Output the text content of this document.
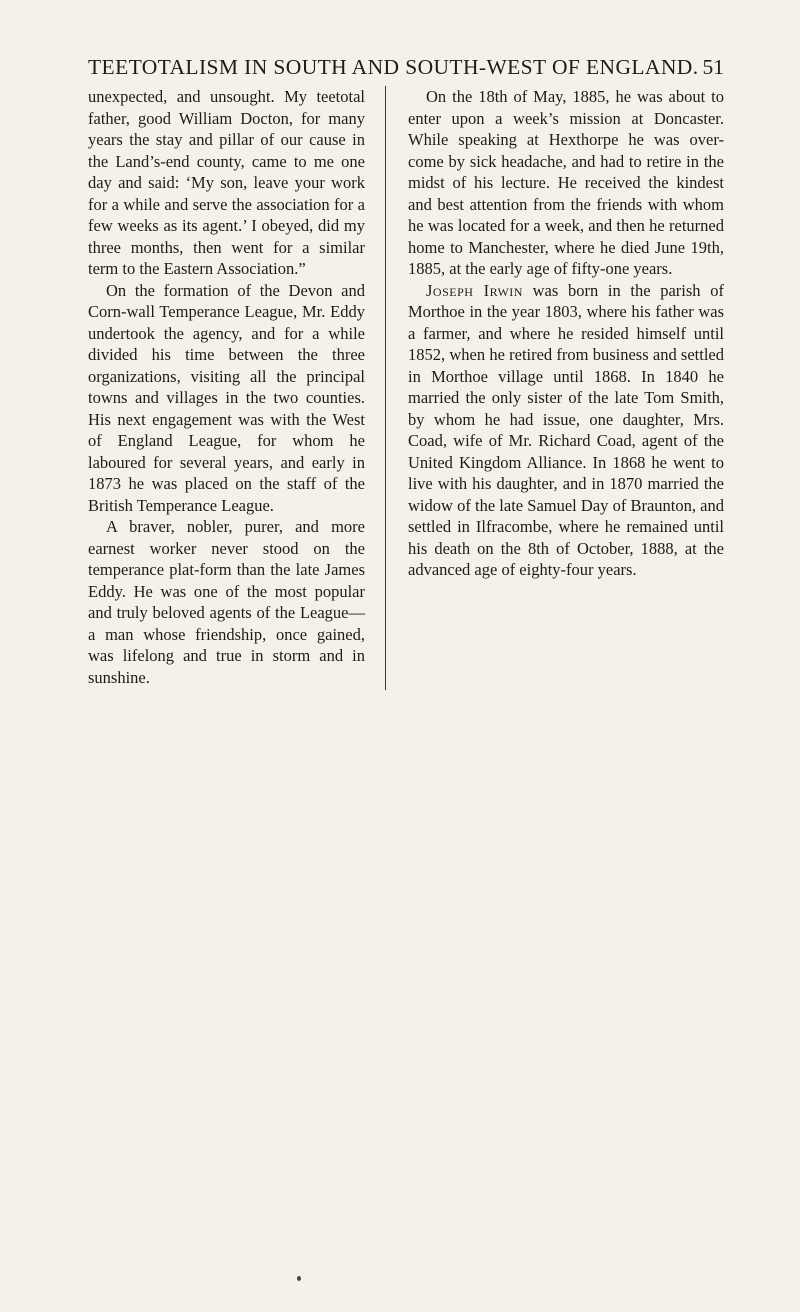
TEETOTALISM IN SOUTH AND SOUTH-WEST OF ENGLAND. 51

unexpected, and unsought. My teetotal father, good William Docton, for many years the stay and pillar of our cause in the Land’s-end county, came to me one day and said: ‘My son, leave your work for a while and serve the association for a few weeks as its agent.’ I obeyed, did my three months, then went for a similar term to the Eastern Association.”

On the formation of the Devon and Corn-wall Temperance League, Mr. Eddy undertook the agency, and for a while divided his time between the three organizations, visiting all the principal towns and villages in the two counties. His next engagement was with the West of England League, for whom he laboured for several years, and early in 1873 he was placed on the staff of the British Temperance League.

A braver, nobler, purer, and more earnest worker never stood on the temperance plat-form than the late James Eddy. He was one of the most popular and truly beloved agents of the League—a man whose friendship, once gained, was lifelong and true in storm and in sunshine.

On the 18th of May, 1885, he was about to enter upon a week’s mission at Doncaster. While speaking at Hexthorpe he was over-come by sick headache, and had to retire in the midst of his lecture. He received the kindest and best attention from the friends with whom he was located for a week, and then he returned home to Manchester, where he died June 19th, 1885, at the early age of fifty-one years.

Joseph Irwin was born in the parish of Morthoe in the year 1803, where his father was a farmer, and where he resided himself until 1852, when he retired from business and settled in Morthoe village until 1868. In 1840 he married the only sister of the late Tom Smith, by whom he had issue, one daughter, Mrs. Coad, wife of Mr. Richard Coad, agent of the United Kingdom Alliance. In 1868 he went to live with his daughter, and in 1870 married the widow of the late Samuel Day of Braunton, and settled in Ilfracombe, where he remained until his death on the 8th of October, 1888, at the advanced age of eighty-four years.
